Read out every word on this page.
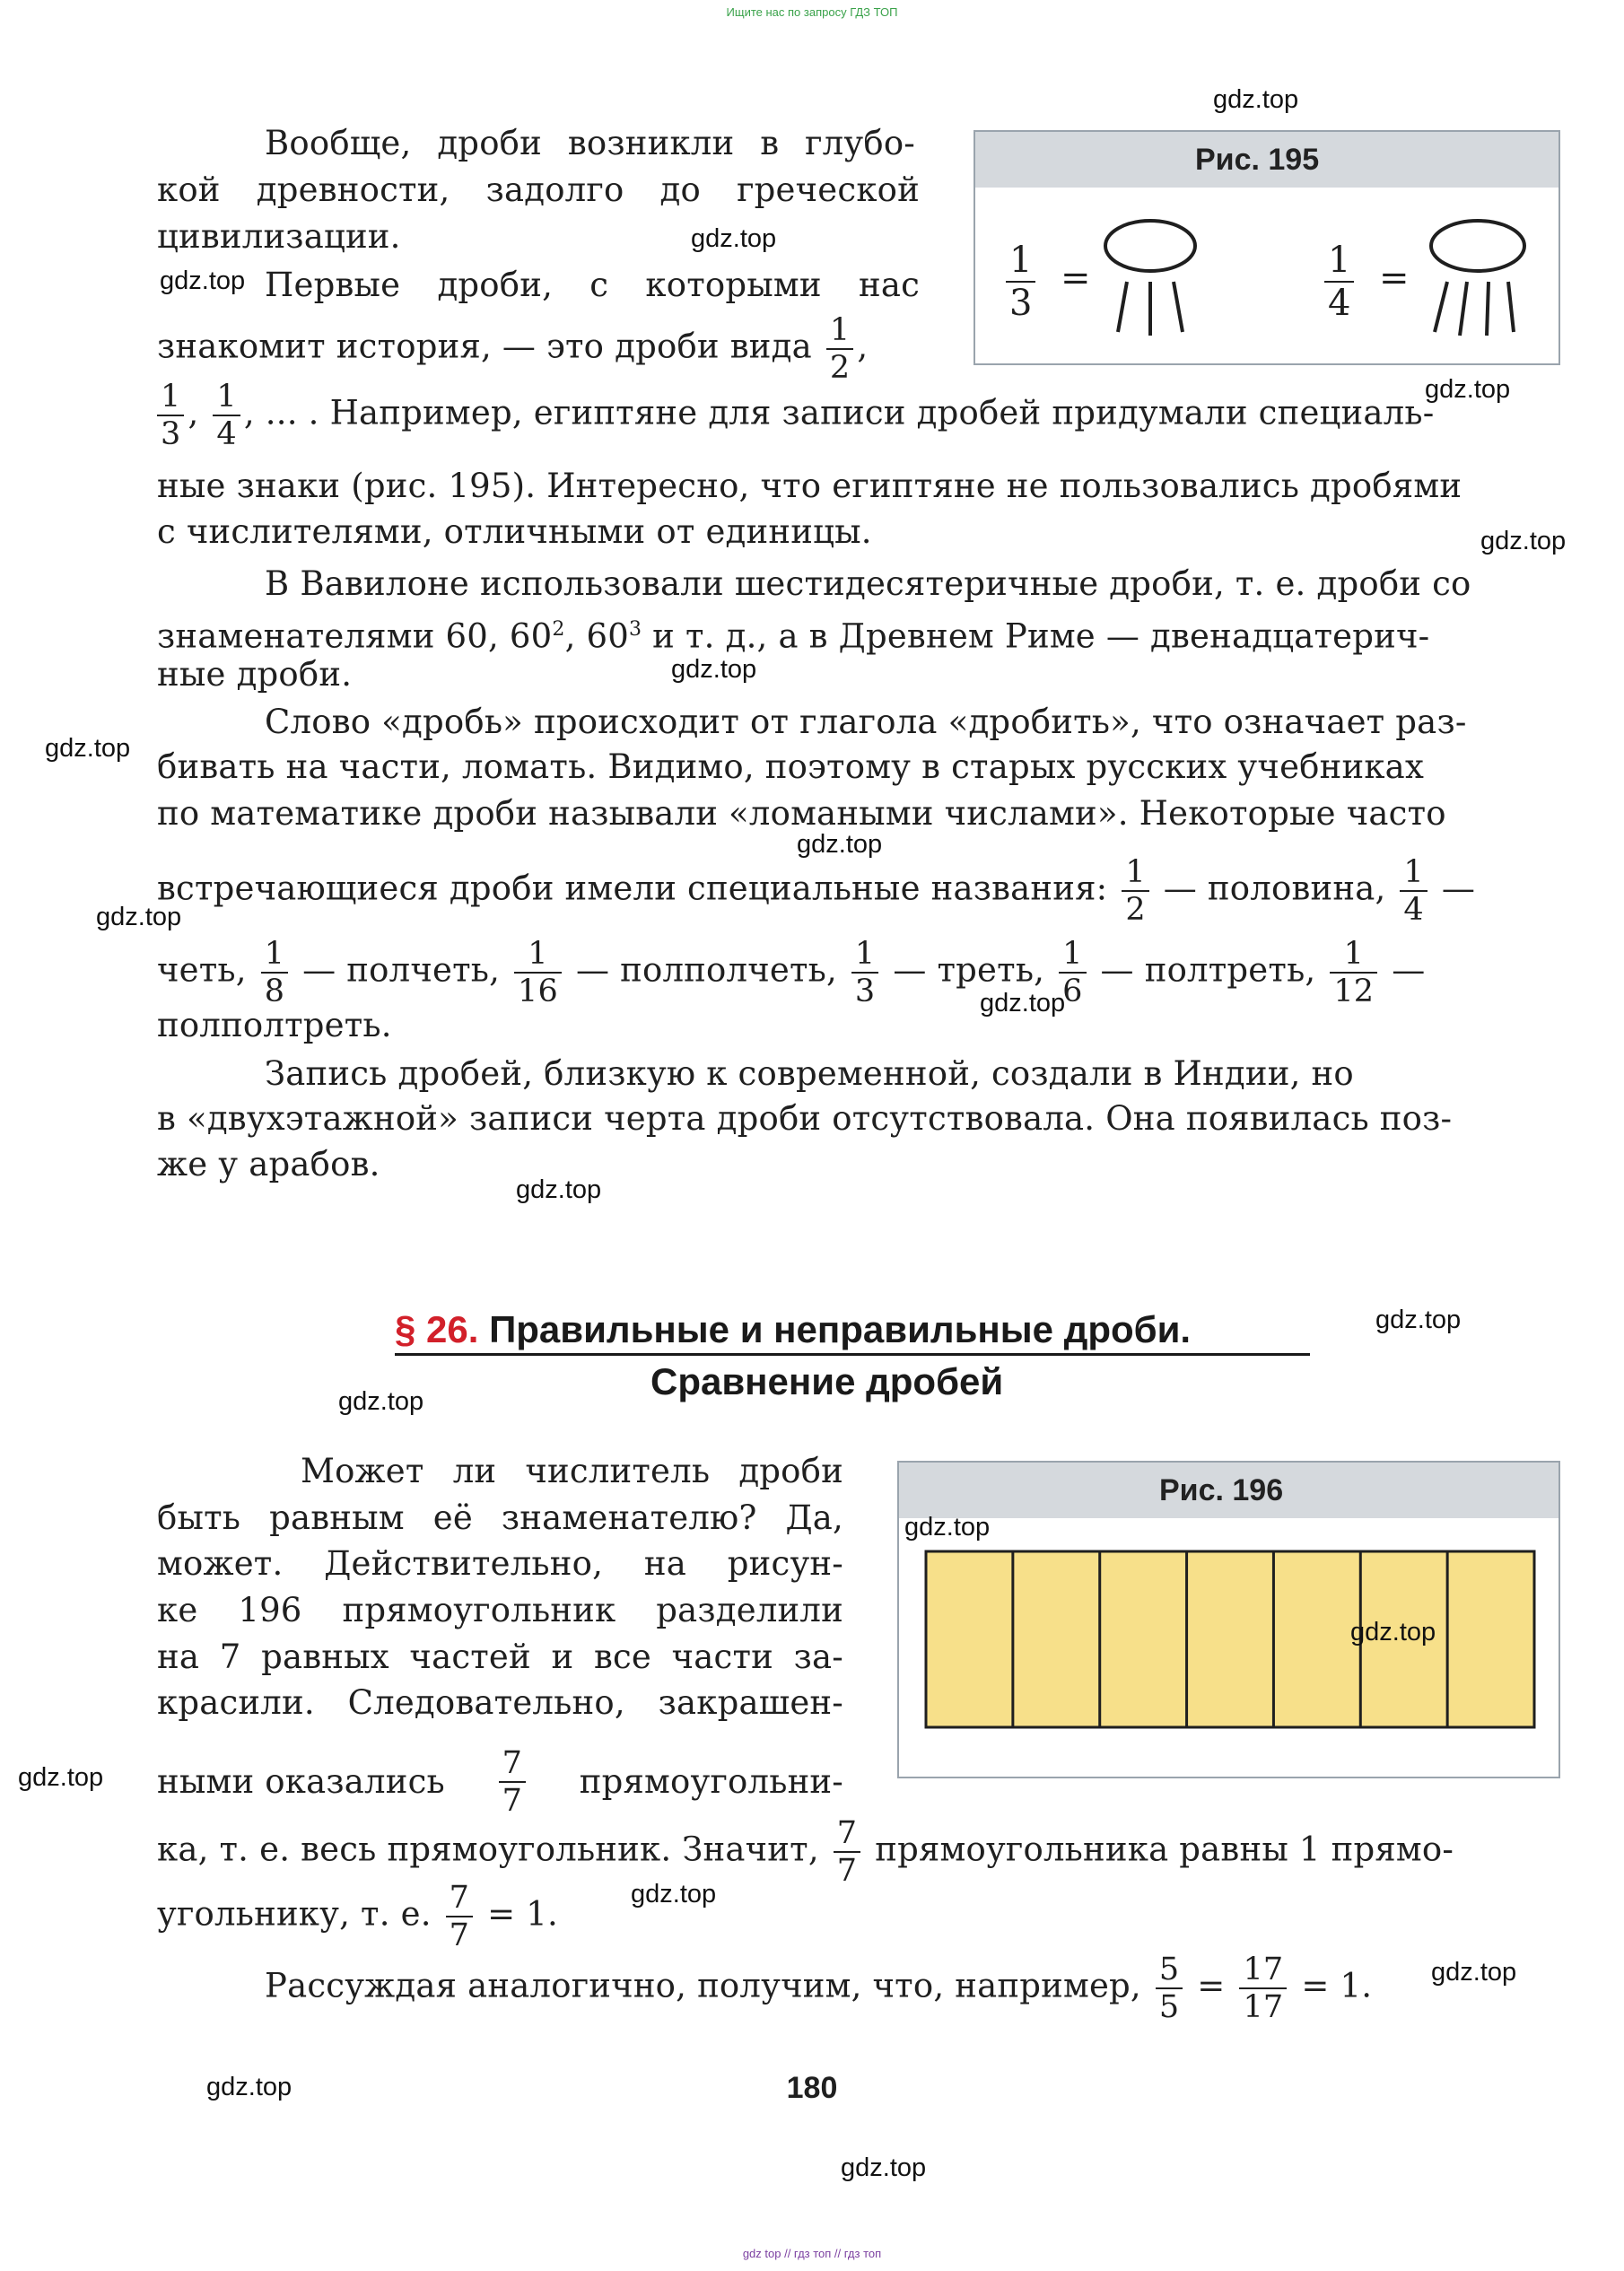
Ищите нас по запросу ГДЗ ТОП
Рис. 195
$\frac{1}{3}$ =	$\frac{1}{4}$ =
Вообще, дроби возникли в глубо-
кой древности, задолго до греческой
цивилизации.
Первые дроби, с которыми нас
знакомит история, — это дроби вида $\frac{1}{2}$ ,
$\frac{1}{3}$ , $\frac{1}{4}$ , ... . Например, египтяне для записи дробей придумали специаль-
ные знаки (рис. 195). Интересно, что египтяне не пользовались дробями
с числителями, отличными от единицы.
В Вавилоне использовали шестидесятеричные дроби, т. е. дроби со
знаменателями 60, $60^2$, $60^3$ и т. д., а в Древнем Риме — двенадцатерич-
ные дроби.
Слово «дробь» происходит от глагола «дробить», что означает раз-
бивать на части, ломать. Видимо, поэтому в старых русских учебниках
по математике дроби называли «ломаными числами». Некоторые часто
встречающиеся дроби имели специальные названия: $\frac{1}{2}$ — половина, $\frac{1}{4}$ —
четь, $\frac{1}{8}$ — полчеть, $\frac{1}{16}$ — полполчеть, $\frac{1}{3}$ — треть, $\frac{1}{6}$ — полтреть, $\frac{1}{12}$ —
полполтреть.
Запись дробей, близкую к современной, создали в Индии, но
в «двухэтажной» записи черта дроби отсутствовала. Она появилась поз-
же у арабов.
§ 26. Правильные и неправильные дроби.
Сравнение дробей
Рис. 196
Может ли числитель дроби
быть равным её знаменателю? Да,
может. Действительно, на рисун-
ке 196 прямоугольник разделили
на 7 равных частей и все части за-
красили. Следовательно, закрашен-
ными оказались $\frac{7}{7}$ прямоугольни-
ка, т. е. весь прямоугольник. Значит, $\frac{7}{7}$ прямоугольника равны 1 прямо-
угольнику, т. е. $\frac{7}{7} = 1$.
Рассуждая аналогично, получим, что, например, $\frac{5}{5} = \frac{17}{17} = 1$.
180
gdz.top
gdz.top
gdz.top
gdz.top
gdz.top
gdz.top
gdz.top
gdz.top
gdz.top
gdz.top
gdz.top
gdz.top
gdz.top
gdz.top
gdz.top
gdz.top
gdz.top
gdz.top
gdz.top
gdz.top
gdz top // гдз топ // гдз топ
